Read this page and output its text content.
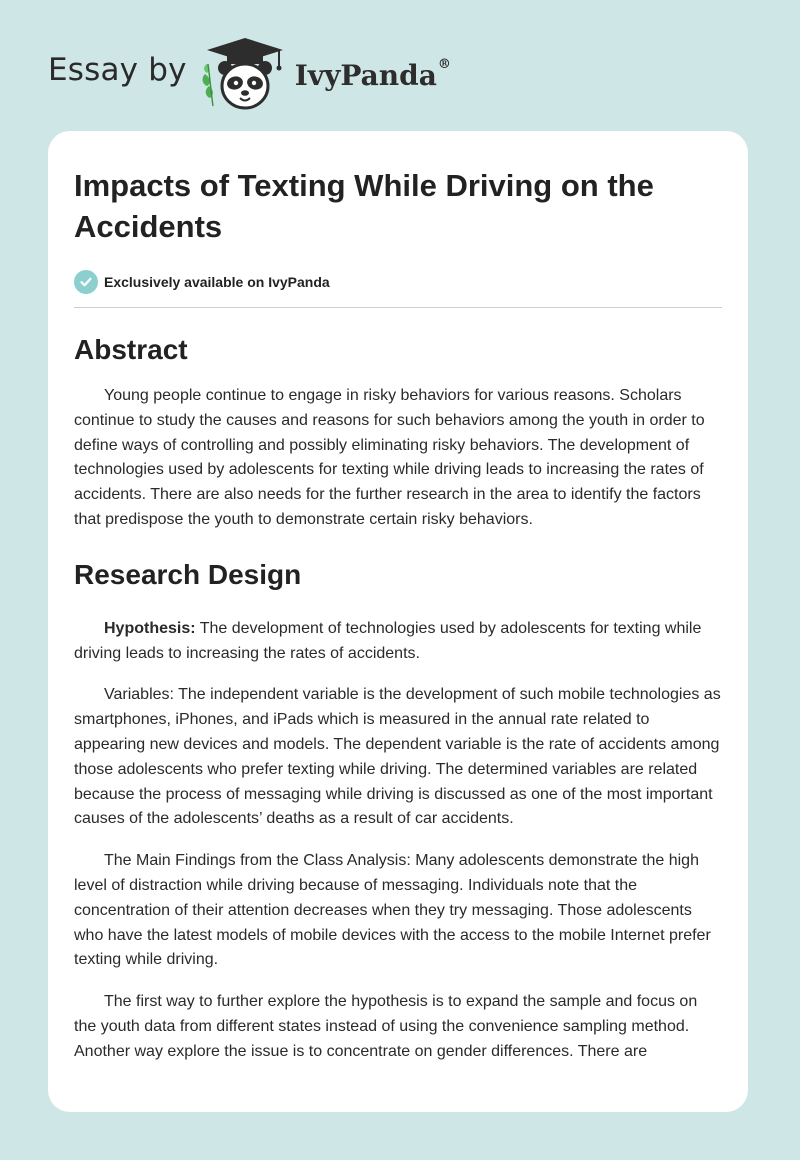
Essay by	IvyPanda®
Impacts of Texting While Driving on the Accidents
Exclusively available on IvyPanda
Abstract

Young people continue to engage in risky behaviors for various reasons. Scholars continue to study the causes and reasons for such behaviors among the youth in order to define ways of controlling and possibly eliminating risky behaviors. The development of technologies used by adolescents for texting while driving leads to increasing the rates of accidents. There are also needs for the further research in the area to identify the factors that predispose the youth to demonstrate certain risky behaviors.

Research Design

Hypothesis: The development of technologies used by adolescents for texting while driving leads to increasing the rates of accidents.

Variables: The independent variable is the development of such mobile technologies as smartphones, iPhones, and iPads which is measured in the annual rate related to appearing new devices and models. The dependent variable is the rate of accidents among those adolescents who prefer texting while driving. The determined variables are related because the process of messaging while driving is discussed as one of the most important causes of the adolescents’ deaths as a result of car accidents.

The Main Findings from the Class Analysis: Many adolescents demonstrate the high level of distraction while driving because of messaging. Individuals note that the concentration of their attention decreases when they try messaging. Those adolescents who have the latest models of mobile devices with the access to the mobile Internet prefer texting while driving.

The first way to further explore the hypothesis is to expand the sample and focus on the youth data from different states instead of using the convenience sampling method. Another way explore the issue is to concentrate on gender differences. There are
